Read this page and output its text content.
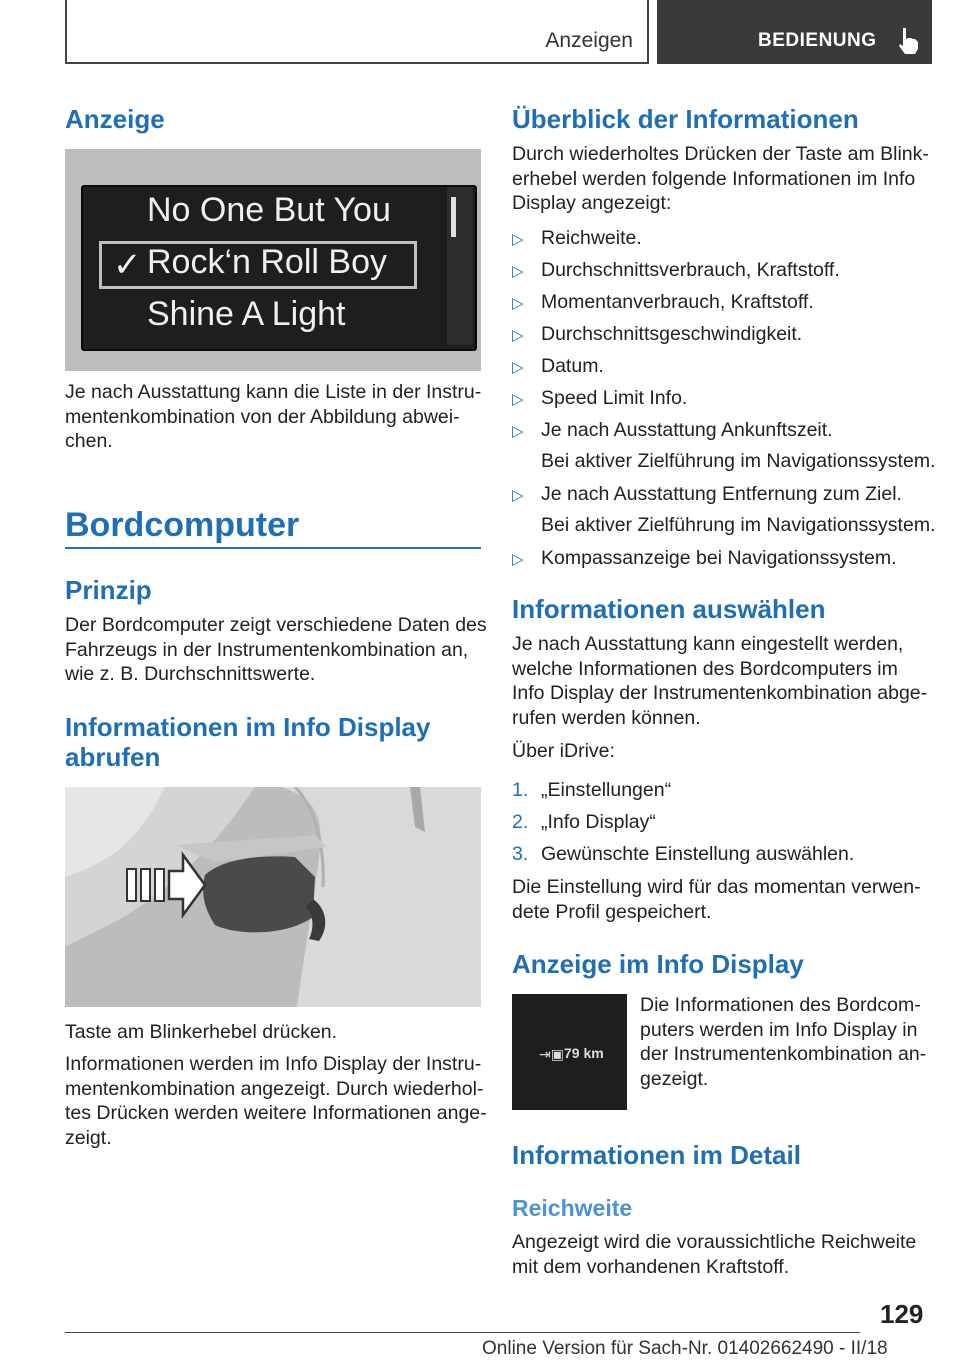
Anzeigen	BEDIENUNG
Anzeige
No One But You
✓ Rock‘n Roll Boy
Shine A Light
Je nach Ausstattung kann die Liste in der Instru-
mentenkombination von der Abbildung abwei-
chen.
Bordcomputer
Prinzip
Der Bordcomputer zeigt verschiedene Daten des
Fahrzeugs in der Instrumentenkombination an,
wie z. B. Durchschnittswerte.
Informationen im Info Display
abrufen
Taste am Blinkerhebel drücken.
Informationen werden im Info Display der Instru-
mentenkombination angezeigt. Durch wiederhol-
tes Drücken werden weitere Informationen ange-
zeigt.
Überblick der Informationen
Durch wiederholtes Drücken der Taste am Blink-
erhebel werden folgende Informationen im Info
Display angezeigt:
▷ Reichweite.
▷ Durchschnittsverbrauch, Kraftstoff.
▷ Momentanverbrauch, Kraftstoff.
▷ Durchschnittsgeschwindigkeit.
▷ Datum.
▷ Speed Limit Info.
▷ Je nach Ausstattung Ankunftszeit.
Bei aktiver Zielführung im Navigationssystem.
▷ Je nach Ausstattung Entfernung zum Ziel.
Bei aktiver Zielführung im Navigationssystem.
▷ Kompassanzeige bei Navigationssystem.
Informationen auswählen
Je nach Ausstattung kann eingestellt werden,
welche Informationen des Bordcomputers im
Info Display der Instrumentenkombination abge-
rufen werden können.
Über iDrive:
1. „Einstellungen“
2. „Info Display“
3. Gewünschte Einstellung auswählen.
Die Einstellung wird für das momentan verwen-
dete Profil gespeichert.
Anzeige im Info Display
⇥▣ 79 km
Die Informationen des Bordcom-
puters werden im Info Display in
der Instrumentenkombination an-
gezeigt.
Informationen im Detail
Reichweite
Angezeigt wird die voraussichtliche Reichweite
mit dem vorhandenen Kraftstoff.
129
Online Version für Sach-Nr. 01402662490 - II/18
